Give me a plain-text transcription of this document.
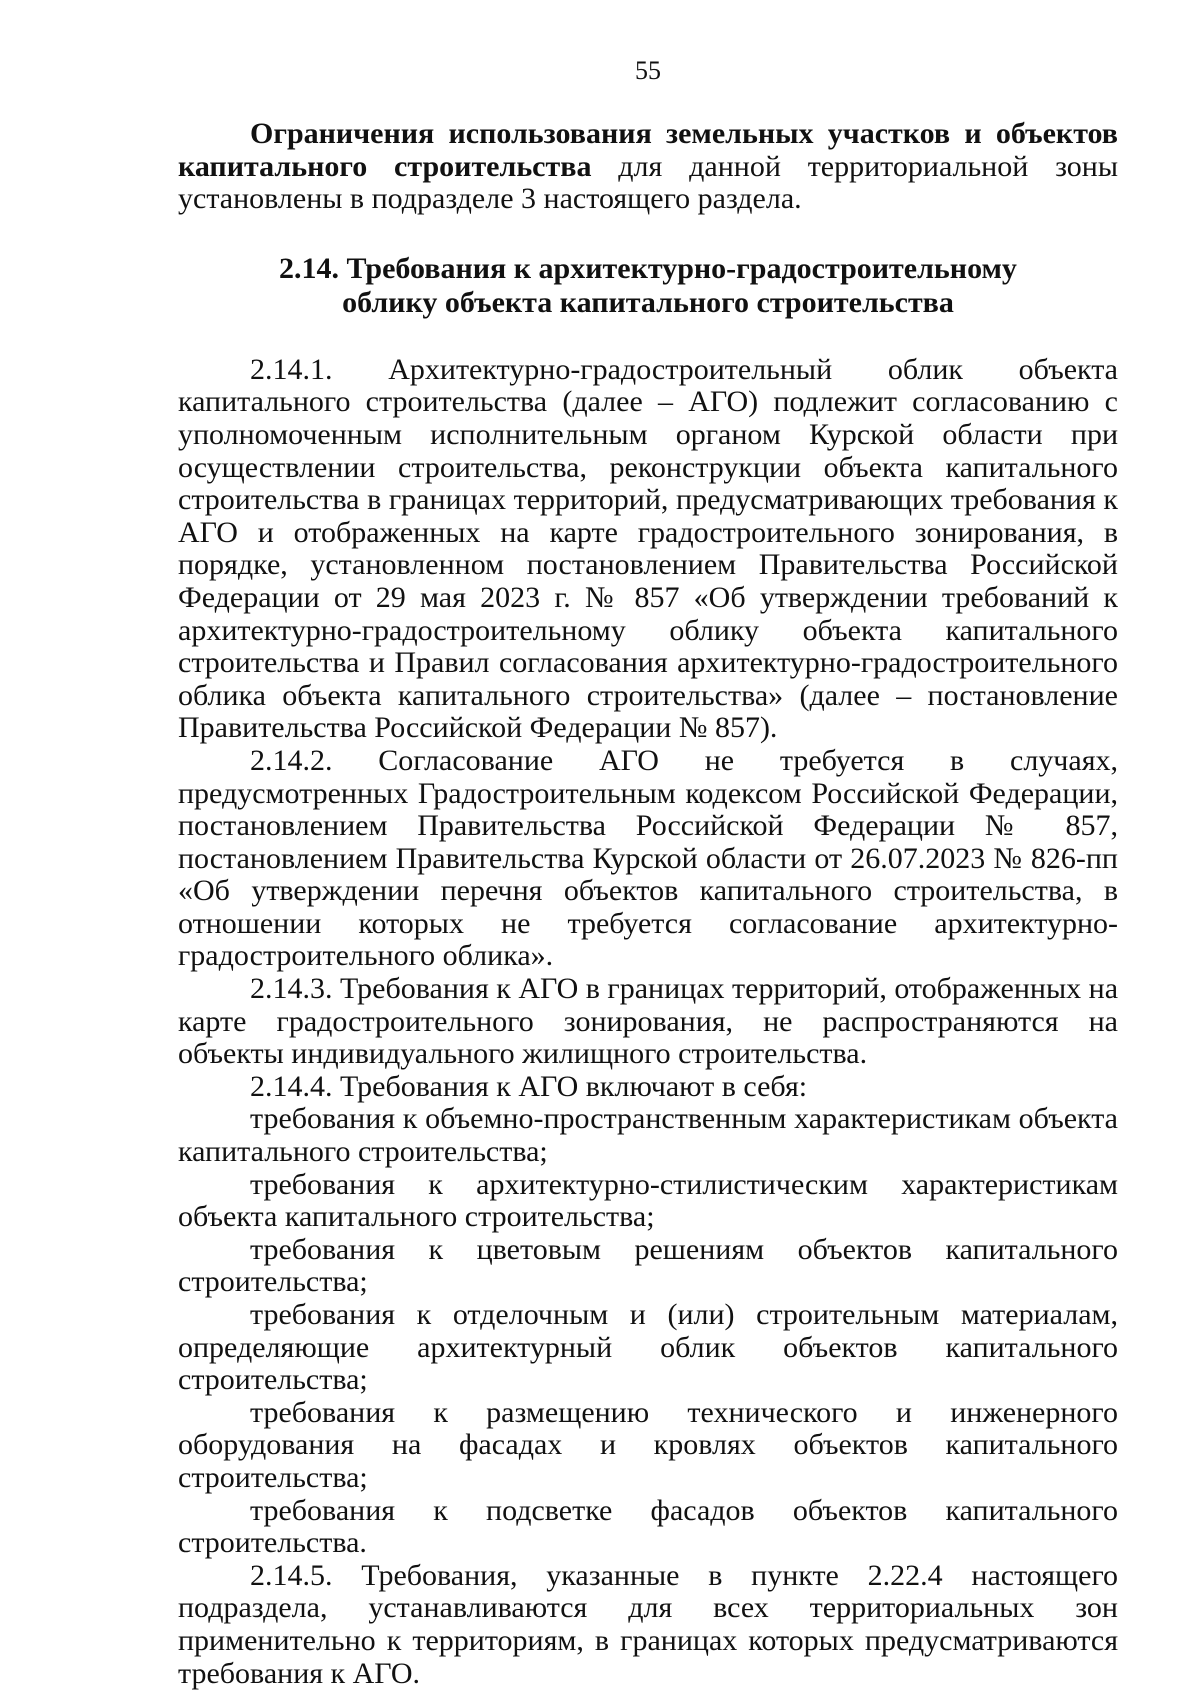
55

Ограничения использования земельных участков и объектов капитального строительства для данной территориальной зоны установлены в подразделе 3 настоящего раздела.

2.14. Требования к архитектурно-градостроительному
облику объекта капитального строительства

2.14.1. Архитектурно-градостроительный облик объекта капитального строительства (далее – АГО) подлежит согласованию с уполномоченным исполнительным органом Курской области при осуществлении строительства, реконструкции объекта капитального строительства в границах территорий, предусматривающих требования к АГО и отображенных на карте градостроительного зонирования, в порядке, установленном постановлением Правительства Российской Федерации от 29 мая 2023 г. № 857 «Об утверждении требований к архитектурно-градостроительному облику объекта капитального строительства и Правил согласования архитектурно-градостроительного облика объекта капитального строительства» (далее – постановление Правительства Российской Федерации № 857).

2.14.2. Согласование АГО не требуется в случаях, предусмотренных Градостроительным кодексом Российской Федерации, постановлением Правительства Российской Федерации № 857, постановлением Правительства Курской области от 26.07.2023 № 826-пп «Об утверждении перечня объектов капитального строительства, в отношении которых не требуется согласование архитектурно-градостроительного облика».

2.14.3. Требования к АГО в границах территорий, отображенных на карте градостроительного зонирования, не распространяются на объекты индивидуального жилищного строительства.

2.14.4. Требования к АГО включают в себя:

требования к объемно-пространственным характеристикам объекта капитального строительства;

требования к архитектурно-стилистическим характеристикам объекта капитального строительства;

требования к цветовым решениям объектов капитального строительства;

требования к отделочным и (или) строительным материалам, определяющие архитектурный облик объектов капитального строительства;

требования к размещению технического и инженерного оборудования на фасадах и кровлях объектов капитального строительства;

требования к подсветке фасадов объектов капитального строительства.

2.14.5. Требования, указанные в пункте 2.22.4 настоящего подраздела, устанавливаются для всех территориальных зон применительно к территориям, в границах которых предусматриваются требования к АГО.
